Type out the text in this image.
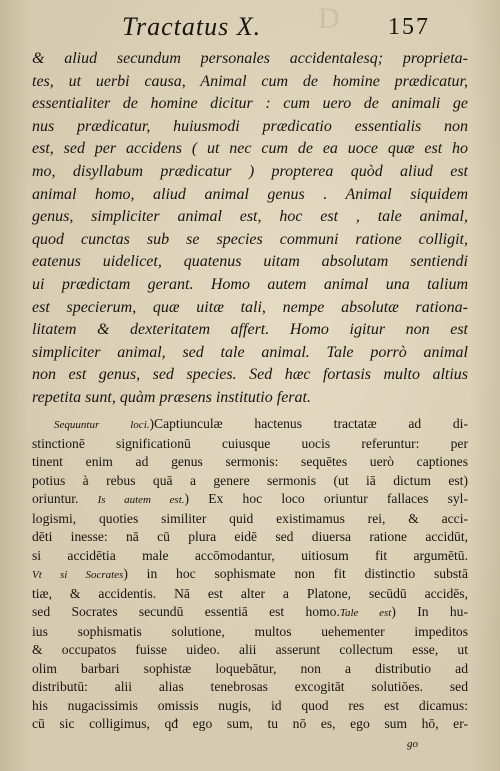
D
Tractatus X.	157
& aliud secundum personales accidentalesq; proprieta-
tes, ut uerbi causa, Animal cum de homine prædicatur,
essentialiter de homine dicitur : cum uero de animali ge
nus prædicatur, huiusmodi prædicatio essentialis non
est, sed per accidens ( ut nec cum de ea uoce quæ est ho
mo, disyllabum prædicatur ) propterea quòd aliud est
animal homo, aliud animal genus . Animal siquidem
genus, simpliciter animal est, hoc est , tale animal,
quod cunctas sub se species communi ratione colligit,
eatenus uidelicet, quatenus uitam absolutam sentiendi
ui prædictam gerant. Homo autem animal una talium
est specierum, quæ uitæ tali, nempe absolutæ rationa-
litatem & dexteritatem affert. Homo igitur non est
simpliciter animal, sed tale animal. Tale porrò animal
non est genus, sed species. Sed hæc fortasis multo altius
repetita sunt, quàm præsens institutio ferat.
Sequuntur loci.)Captiunculæ hactenus tractatæ ad di-
stinctionē significationū cuiusque uocis referuntur: per
tinent enim ad genus sermonis: sequētes uerò captiones
potius à rebus quā a genere sermonis (ut iā dictum est)
oriuntur. Is autem est.) Ex hoc loco oriuntur fallaces syl-
logismi, quoties similiter quid existimamus rei, & acci-
dēti inesse: nā cū plura eidē sed diuersa ratione accidūt,
si accidētia male accōmodantur, uitiosum fit argumētū.
Vt si Socrates) in hoc sophismate non fit distinctio substā
tiæ, & accidentis. Nā est alter a Platone, secūdū accidēs,
sed Socrates secundū essentiā est homo.Tale est) In hu-
ius sophismatis solutione, multos uehementer impeditos
& occupatos fuisse uideo. alii asserunt collectum esse, ut
olim barbari sophistæ loquebātur, non a distributio ad
distributū: alii alias tenebrosas excogitāt solutiōes. sed
his nugacissimis omissis nugis, id quod res est dicamus:
cū sic colligimus, qđ ego sum, tu nō es, ego sum hō, er-
go
